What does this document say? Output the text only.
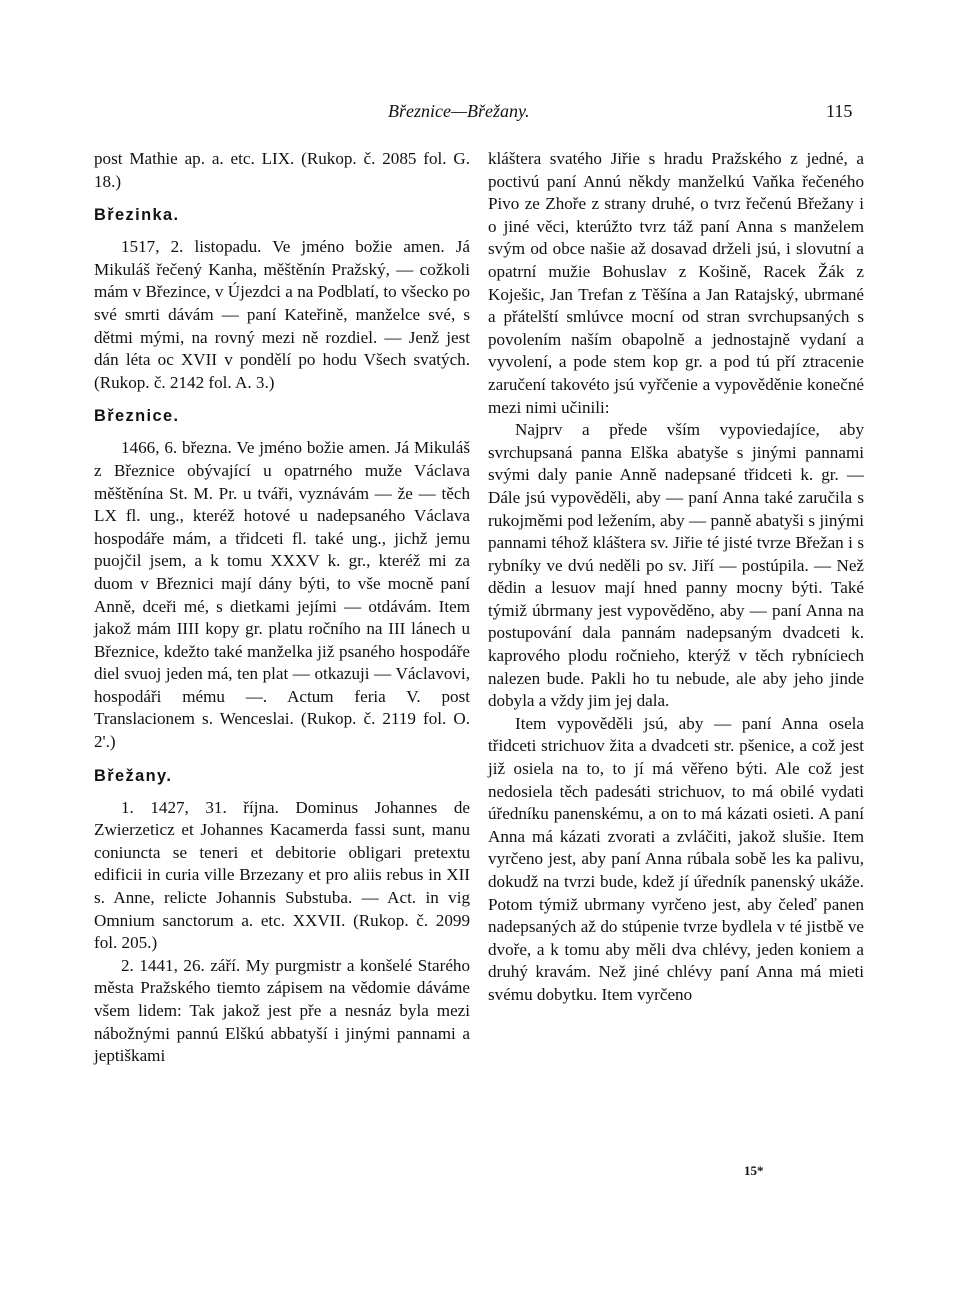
Březnice—Břežany.	115

post Mathie ap. a. etc. LIX. (Rukop. č. 2085 fol. G. 18.)

Březinka.

1517, 2. listopadu. Ve jméno božie amen. Já Mikuláš řečený Kanha, měštěnín Pražský, — cožkoli mám v Březince, v Újezdci a na Podblatí, to všecko po své smrti dávám — paní Kateřině, manželce své, s dětmi mými, na rovný mezi ně rozdiel. — Jenž jest dán léta oc XVII v pondělí po hodu Všech svatých. (Rukop. č. 2142 fol. A. 3.)

Březnice.

1466, 6. března. Ve jméno božie amen. Já Mikuláš z Březnice obývající u opatrného muže Václava měštěnína St. M. Pr. u tváři, vyznávám — že — těch LX fl. ung., kteréž hotové u nadepsaného Václava hospodáře mám, a třidceti fl. také ung., jichž jemu puojčil jsem, a k tomu XXXV k. gr., kteréž mi za duom v Březnici mají dány býti, to vše mocně paní Anně, dceři mé, s dietkami jejími — otdávám. Item jakož mám IIII kopy gr. platu ročního na III lánech u Březnice, kdežto také manželka již psaného hospodáře diel svuoj jeden má, ten plat — otkazuji — Václavovi, hospodáři mému —. Actum feria V. post Translacionem s. Wenceslai. (Rukop. č. 2119 fol. O. 2'.)

Břežany.

1. 1427, 31. října. Dominus Johannes de Zwierzeticz et Johannes Kacamerda fassi sunt, manu coniuncta se teneri et debitorie obligari pretextu edificii in curia ville Brzezany et pro aliis rebus in XII s. Anne, relicte Johannis Substuba. — Act. in vig Omnium sanctorum a. etc. XXVII. (Rukop. č. 2099 fol. 205.)

2. 1441, 26. září. My purgmistr a konšelé Starého města Pražského tiemto zápisem na vědomie dáváme všem lidem: Tak jakož jest pře a nesnáz byla mezi nábožnými pannú Elškú abbatyší i jinými pannami a jeptiškami

kláštera svatého Jiřie s hradu Pražského z jedné, a poctivú paní Annú někdy manželkú Vaňka řečeného Pivo ze Zhoře z strany druhé, o tvrz řečenú Břežany i o jiné věci, kterúžto tvrz táž paní Anna s manželem svým od obce našie až dosavad drželi jsú, i slovutní a opatrní mužie Bohuslav z Košině, Racek Žák z Koješic, Jan Trefan z Těšína a Jan Ratajský, ubrmané a přátelští smlúvce mocní od stran svrchupsaných s povolením naším obapolně a jednostajně vydaní a vyvolení, a pode stem kop gr. a pod tú pří ztracenie zaručení takovéto jsú vyřčenie a vypověděnie konečné mezi nimi učinili:

Najprv a přede vším vypoviedajíce, aby svrchupsaná panna Elška abatyše s jinými pannami svými daly panie Anně nadepsané třidceti k. gr. — Dále jsú vypověděli, aby — paní Anna také zaručila s rukojměmi pod ležením, aby — panně abatyši s jinými pannami téhož kláštera sv. Jiřie té jisté tvrze Břežan i s rybníky ve dvú neděli po sv. Jiří — postúpila. — Než dědin a lesuov mají hned panny mocny býti. Také týmiž úbrmany jest vypověděno, aby — paní Anna na postupování dala pannám nadepsaným dvadceti k. kaprového plodu ročnieho, kterýž v těch rybníciech nalezen bude. Pakli ho tu nebude, ale aby jeho jinde dobyla a vždy jim jej dala.

Item vypověděli jsú, aby — paní Anna osela třidceti strichuov žita a dvadceti str. pšenice, a což jest již osiela na to, to jí má věřeno býti. Ale což jest nedosiela těch padesáti strichuov, to má obilé vydati úředníku panenskému, a on to má kázati osieti. A paní Anna má kázati zvorati a zvláčiti, jakož slušie. Item vyrčeno jest, aby paní Anna rúbala sobě les ka palivu, dokudž na tvrzi bude, kdež jí úředník panenský ukáže. Potom týmiž ubrmany vyrčeno jest, aby čeleď panen nadepsaných až do stúpenie tvrze bydlela v té jistbě ve dvoře, a k tomu aby měli dva chlévy, jeden koniem a druhý kravám. Než jiné chlévy paní Anna má mieti svému dobytku. Item vyrčeno

15*
